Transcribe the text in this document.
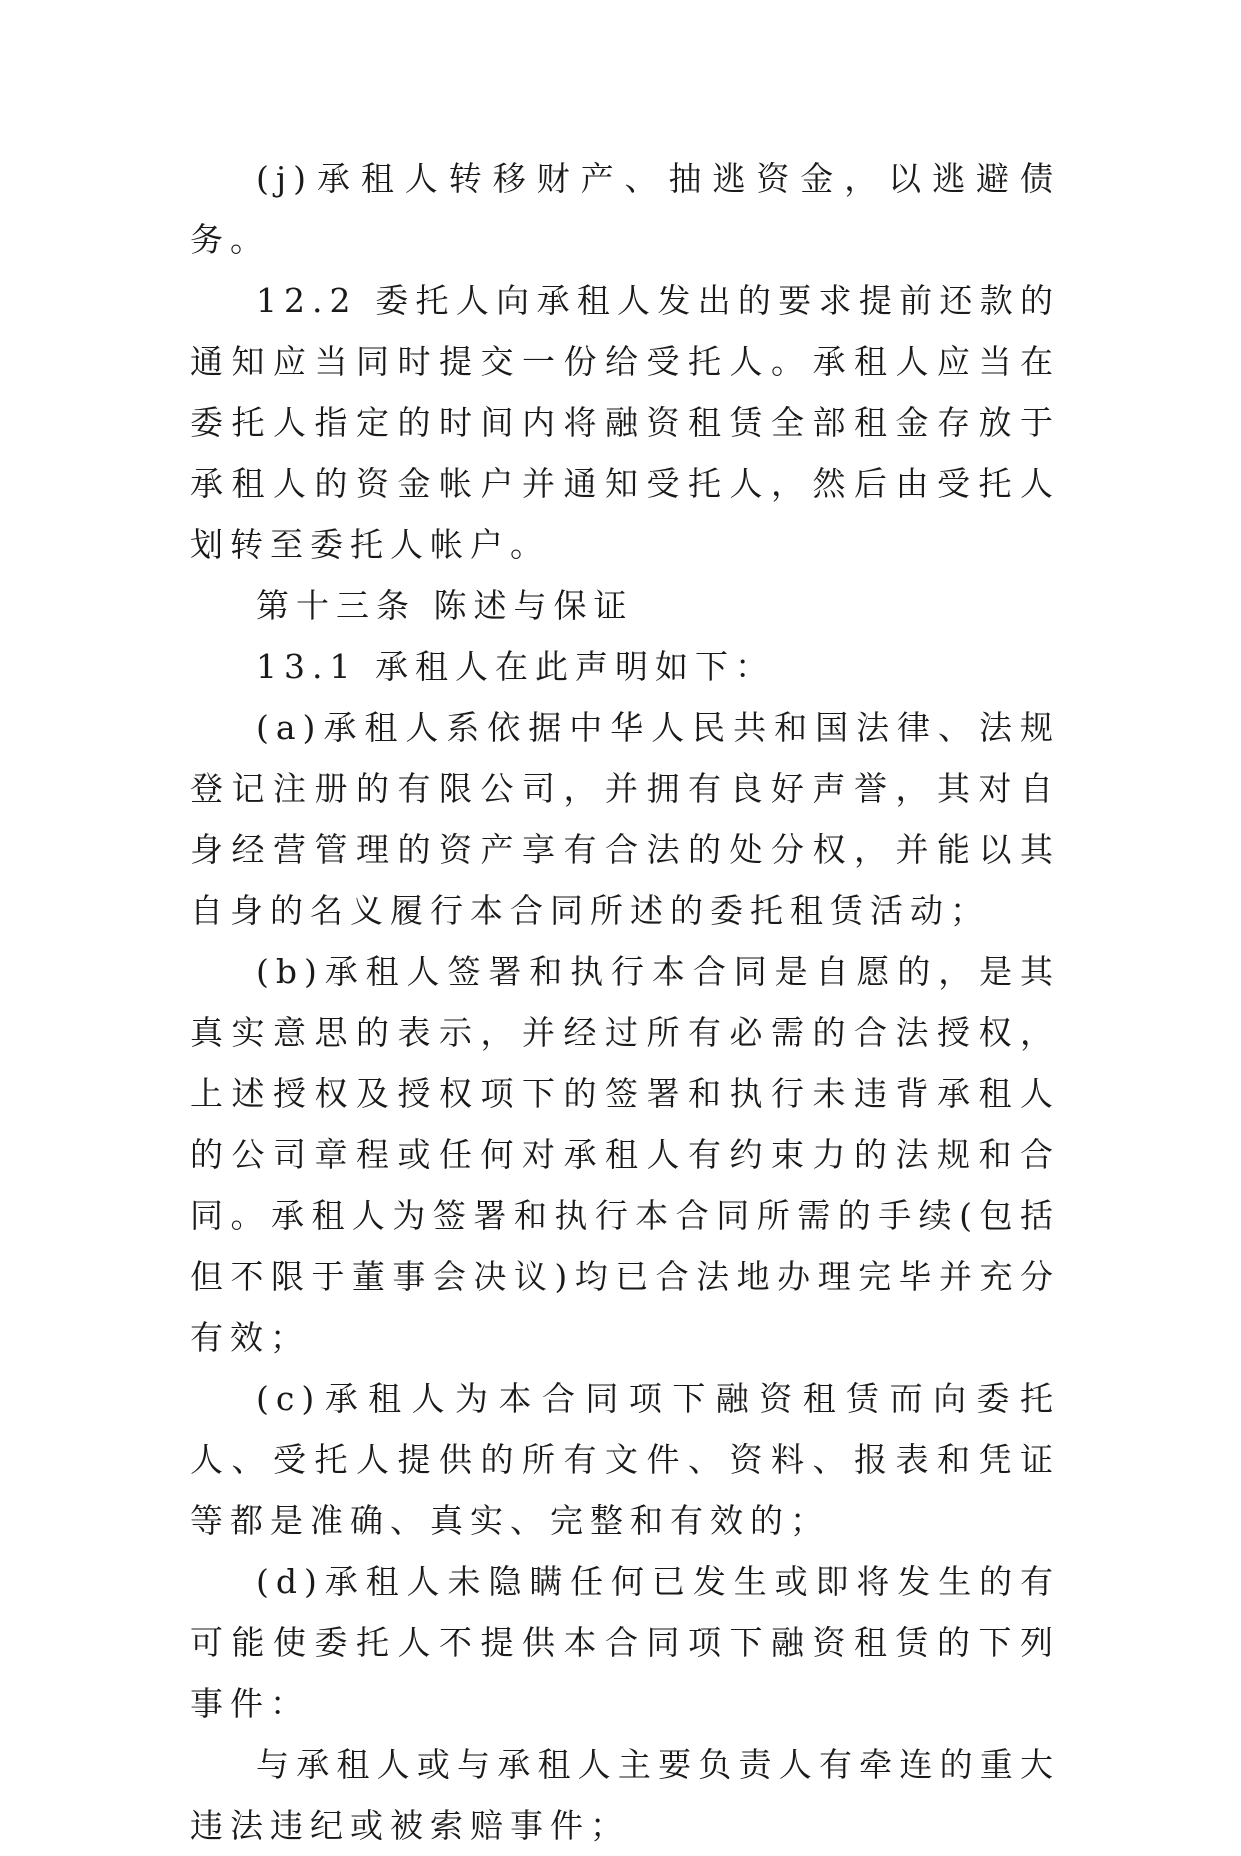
(j)承租人转移财产、抽逃资金，以逃避债务。

12.2 委托人向承租人发出的要求提前还款的通知应当同时提交一份给受托人。承租人应当在委托人指定的时间内将融资租赁全部租金存放于承租人的资金帐户并通知受托人，然后由受托人划转至委托人帐户。

第十三条 陈述与保证

13.1 承租人在此声明如下：

(a)承租人系依据中华人民共和国法律、法规登记注册的有限公司，并拥有良好声誉，其对自身经营管理的资产享有合法的处分权，并能以其自身的名义履行本合同所述的委托租赁活动；

(b)承租人签署和执行本合同是自愿的，是其真实意思的表示，并经过所有必需的合法授权，上述授权及授权项下的签署和执行未违背承租人的公司章程或任何对承租人有约束力的法规和合同。承租人为签署和执行本合同所需的手续(包括但不限于董事会决议)均已合法地办理完毕并充分有效；

(c)承租人为本合同项下融资租赁而向委托人、受托人提供的所有文件、资料、报表和凭证等都是准确、真实、完整和有效的；

(d)承租人未隐瞒任何已发生或即将发生的有可能使委托人不提供本合同项下融资租赁的下列事件：

与承租人或与承租人主要负责人有牵连的重大违法违纪或被索赔事件；
